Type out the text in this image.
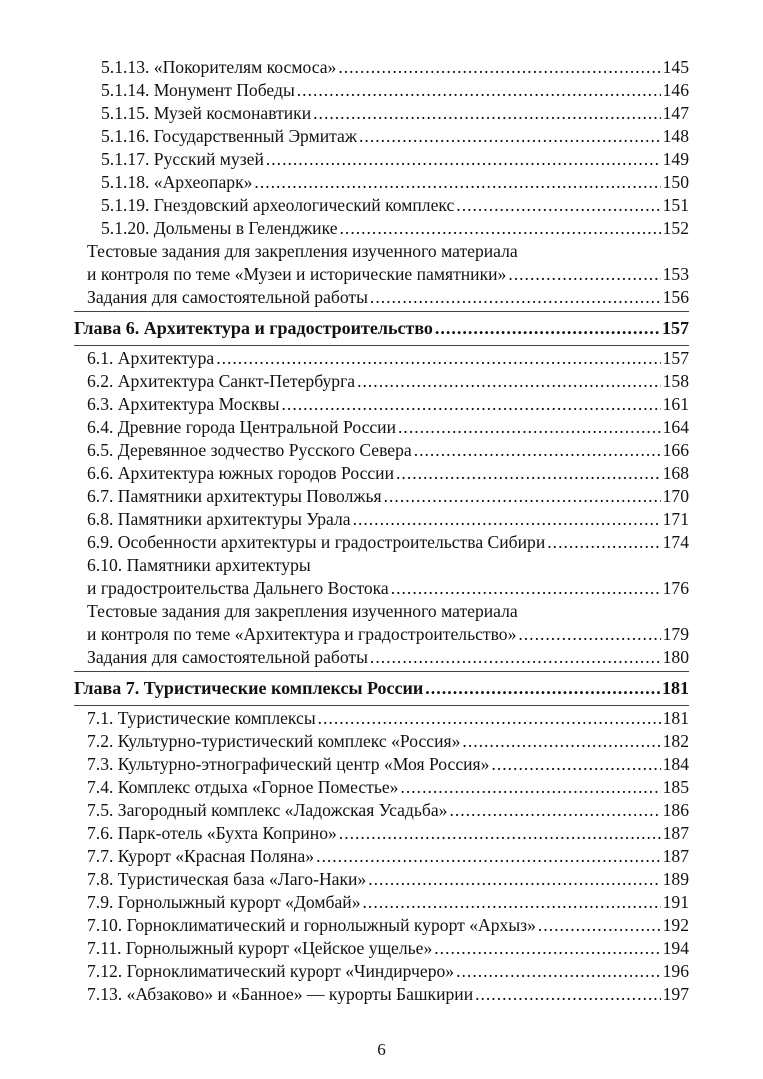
5.1.13. «Покорителям космоса» .....	145
5.1.14. Монумент Победы .....	146
5.1.15. Музей космонавтики .....	147
5.1.16. Государственный Эрмитаж .....	148
5.1.17. Русский музей .....	149
5.1.18. «Археопарк» .....	150
5.1.19. Гнездовский археологический комплекс .....	151
5.1.20. Дольмены в Геленджике .....	152
Тестовые задания для закрепления изученного материала
и контроля по теме «Музеи и исторические памятники» .....	153
Задания для самостоятельной работы .....	156
Глава 6. Архитектура и градостроительство .....	157
6.1. Архитектура .....	157
6.2. Архитектура Санкт-Петербурга .....	158
6.3. Архитектура Москвы .....	161
6.4. Древние города Центральной России .....	164
6.5. Деревянное зодчество Русского Севера .....	166
6.6. Архитектура южных городов России .....	168
6.7. Памятники архитектуры Поволжья .....	170
6.8. Памятники архитектуры Урала .....	171
6.9. Особенности архитектуры и градостроительства Сибири .....	174
6.10. Памятники архитектуры
и градостроительства Дальнего Востока .....	176
Тестовые задания для закрепления изученного материала
и контроля по теме «Архитектура и градостроительство» .....	179
Задания для самостоятельной работы .....	180
Глава 7. Туристические комплексы России .....	181
7.1. Туристические комплексы .....	181
7.2. Культурно-туристический комплекс «Россия» .....	182
7.3. Культурно-этнографический центр «Моя Россия» .....	184
7.4. Комплекс отдыха «Горное Поместье» .....	185
7.5. Загородный комплекс «Ладожская Усадьба» .....	186
7.6. Парк-отель «Бухта Коприно» .....	187
7.7. Курорт «Красная Поляна» .....	187
7.8. Туристическая база «Лаго-Наки» .....	189
7.9. Горнолыжный курорт «Домбай» .....	191
7.10. Горноклиматический и горнолыжный курорт «Архыз» .....	192
7.11. Горнолыжный курорт «Цейское ущелье» .....	194
7.12. Горноклиматический курорт «Чиндирчеро» .....	196
7.13. «Абзаково» и «Банное» — курорты Башкирии .....	197
6
